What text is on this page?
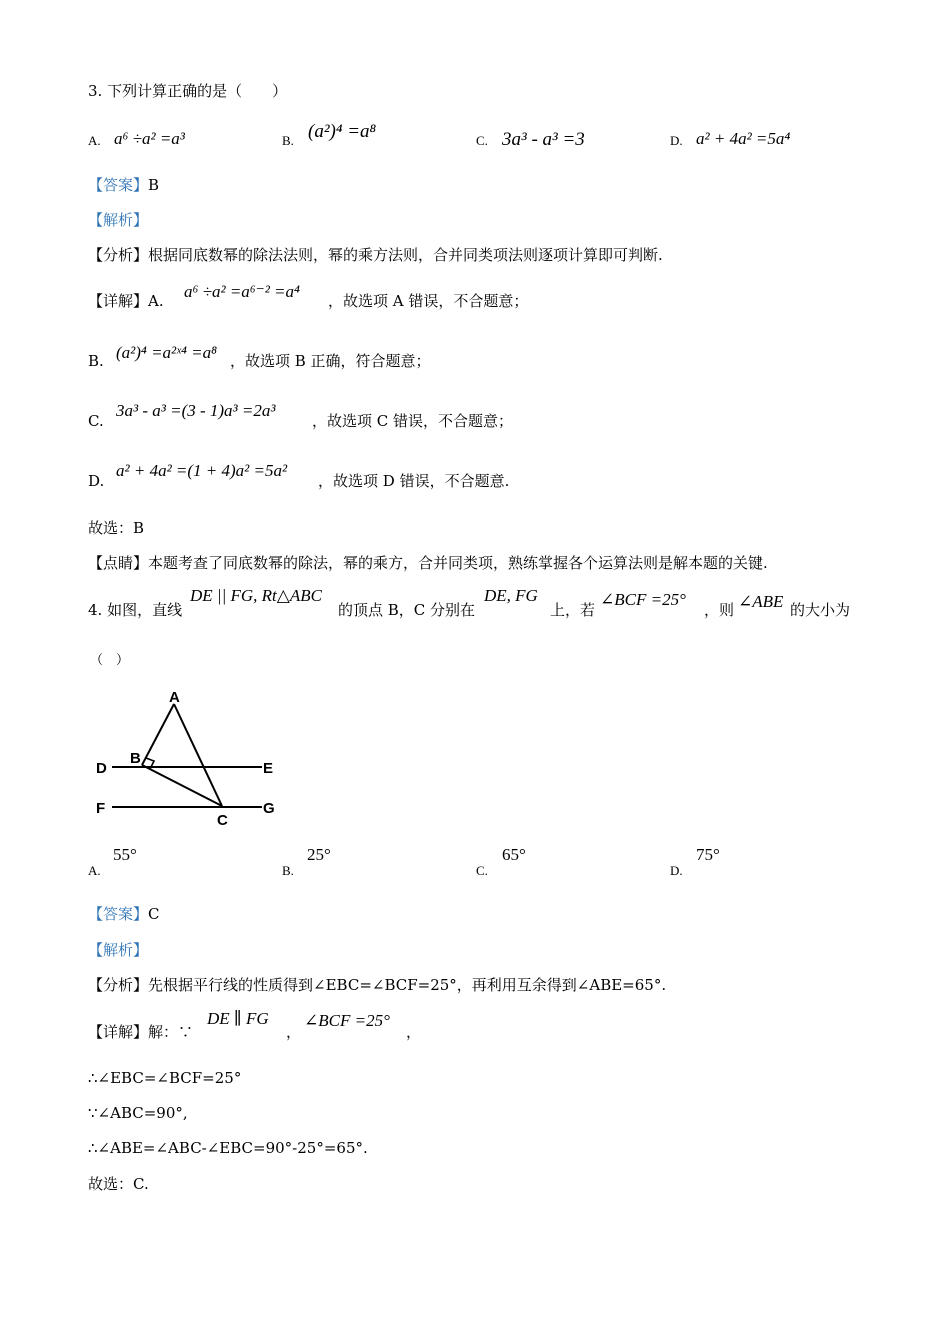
3. 下列计算正确的是（　　）
A. a⁶ ÷a² =a³	B. (a²)⁴ =a⁸	C. 3a³ - a³ =3	D. a² + 4a² =5a⁴
【答案】B
【解析】
【分析】根据同底数幂的除法法则，幂的乘方法则，合并同类项法则逐项计算即可判断.
【详解】A. a⁶ ÷a² =a⁶⁻² =a⁴ ，故选项 A 错误，不合题意；
B. (a²)⁴ =a²ˣ⁴ =a⁸ ，故选项 B 正确，符合题意；
C.
3a³ - a³ =(3 - 1)a³ =2a³
，故选项 C 错误，不合题意；
D.
a² + 4a² =(1 + 4)a² =5a²
，故选项 D 错误，不合题意.
故选：B
【点睛】本题考查了同底数幂的除法，幂的乘方，合并同类项，熟练掌握各个运算法则是解本题的关键.
4. 如图，直线
DE || FG, Rt△ABC
的顶点 B，C 分别在
DE, FG
上，若
∠BCF =25°
，则 ∠ABE 的大小为
（　）
A
B
C
D	E
F	G
A.
55°
B.
25°
C.
65°
D.
75°
【答案】C
【解析】
【分析】先根据平行线的性质得到∠EBC=∠BCF=25°，再利用互余得到∠ABE=65°.
【详解】解：∵
DE ∥ FG
，
∠BCF =25°
，
∴∠EBC=∠BCF=25°
∵∠ABC=90°,
∴∠ABE=∠ABC-∠EBC=90°-25°=65°.
故选：C.
